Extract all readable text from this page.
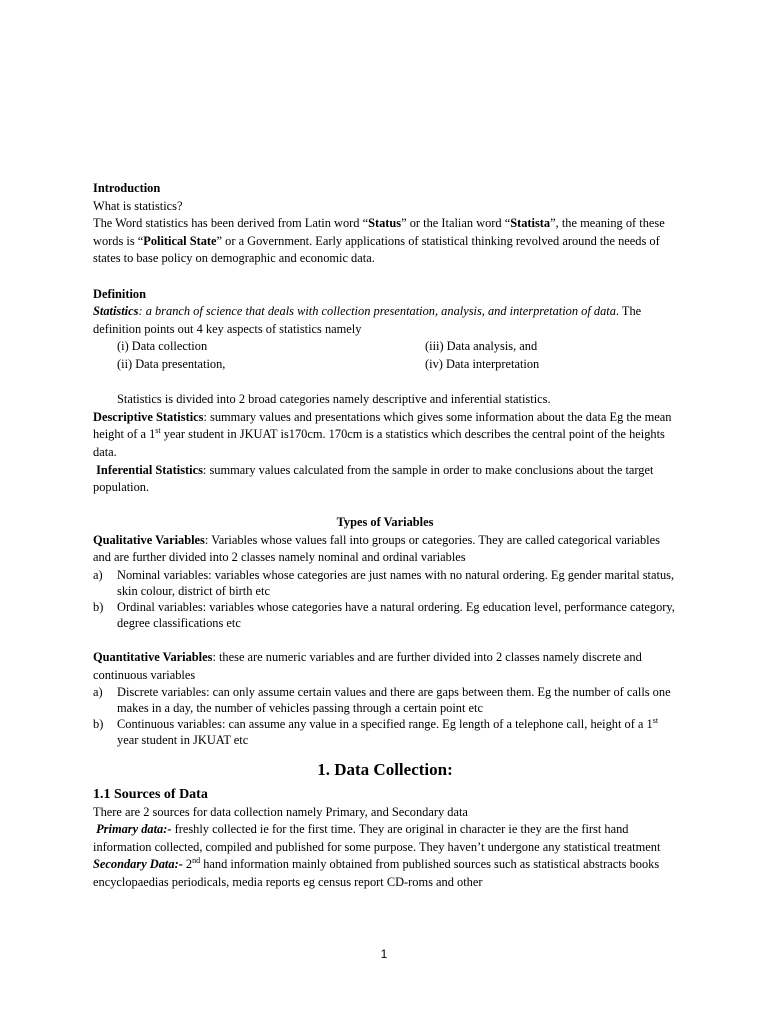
Introduction

What is statistics?

The Word statistics has been derived from Latin word “Status” or the Italian word “Statista”, the meaning of these words is “Political State” or a Government. Early applications of statistical thinking revolved around the needs of states to base policy on demographic and economic data.

Definition

Statistics: a branch of science that deals with collection presentation, analysis, and interpretation of data. The definition points out 4 key aspects of statistics namely

(i) Data collection	(iii) Data analysis, and
(ii) Data presentation,	(iv) Data interpretation

Statistics is divided into 2 broad categories namely descriptive and inferential statistics.

Descriptive Statistics: summary values and presentations which gives some information about the data Eg the mean height of a 1st year student in JKUAT is170cm. 170cm is a statistics which describes the central point of the heights data.

Inferential Statistics: summary values calculated from the sample in order to make conclusions about the target population.

Types of Variables

Qualitative Variables: Variables whose values fall into groups or categories. They are called categorical variables and are further divided into 2 classes namely nominal and ordinal variables

a) Nominal variables: variables whose categories are just names with no natural ordering. Eg gender marital status, skin colour, district of birth etc
b) Ordinal variables: variables whose categories have a natural ordering. Eg education level, performance category, degree classifications etc

Quantitative Variables: these are numeric variables and are further divided into 2 classes namely discrete and continuous variables

a) Discrete variables: can only assume certain values and there are gaps between them. Eg the number of calls one makes in a day, the number of vehicles passing through a certain point etc
b) Continuous variables: can assume any value in a specified range. Eg length of a telephone call, height of a 1st year student in JKUAT etc
1. Data Collection:
1.1 Sources of Data

There are 2 sources for data collection namely Primary, and Secondary data

Primary data:- freshly collected ie for the first time. They are original in character ie they are the first hand information collected, compiled and published for some purpose. They haven’t undergone any statistical treatment

Secondary Data:- 2nd hand information mainly obtained from published sources such as statistical abstracts books encyclopaedias periodicals, media reports eg census report CD-roms and other

1
